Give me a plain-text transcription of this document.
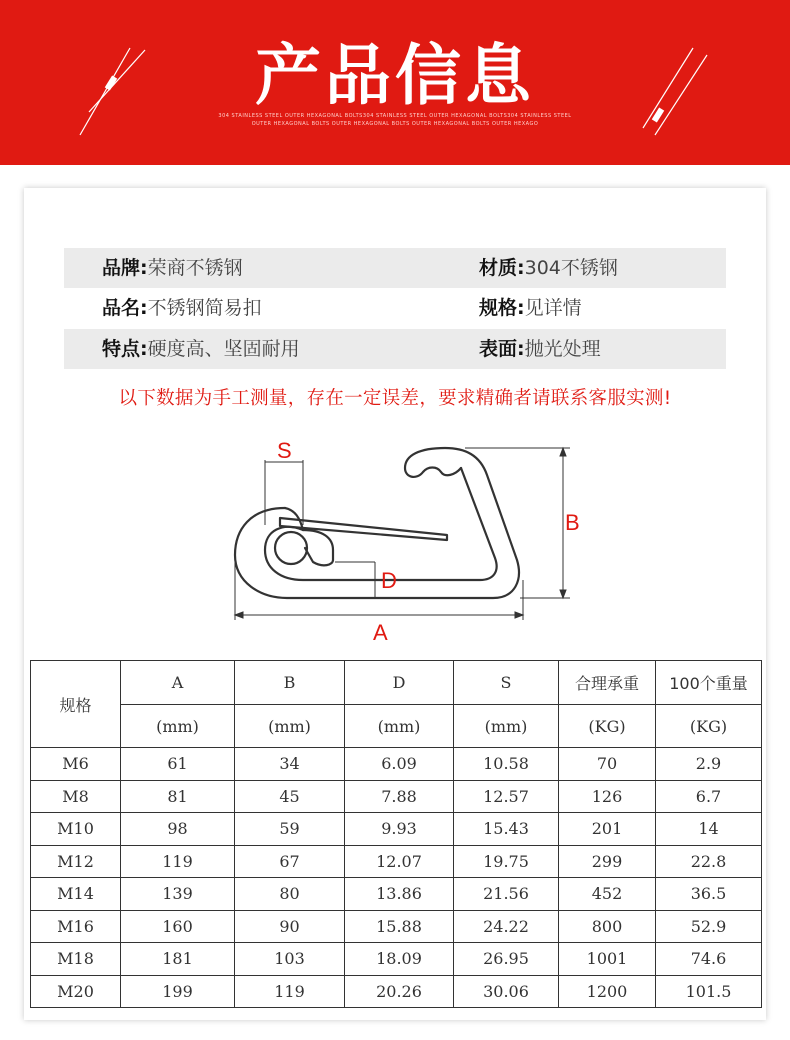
产品信息
304 STAINLESS STEEL OUTER HEXAGONAL BOLTS304 STAINLESS STEEL OUTER HEXAGONAL BOLTS304 STAINLESS STEEL OUTER HEXAGONAL BOLTS OUTER HEXAGONAL BOLTS OUTER HEXAGONAL BOLTS OUTER HEXAGO
品牌:荣商不锈钢	材质:304不锈钢
品名:不锈钢简易扣	规格:见详情
特点:硬度高、坚固耐用	表面:抛光处理
以下数据为手工测量，存在一定误差，要求精确者请联系客服实测!
S
B
D
A
规格	A	B	D	S	合理承重	100个重量
	(mm)	(mm)	(mm)	(mm)	(KG)	(KG)
M6	61	34	6.09	10.58	70	2.9
M8	81	45	7.88	12.57	126	6.7
M10	98	59	9.93	15.43	201	14
M12	119	67	12.07	19.75	299	22.8
M14	139	80	13.86	21.56	452	36.5
M16	160	90	15.88	24.22	800	52.9
M18	181	103	18.09	26.95	1001	74.6
M20	199	119	20.26	30.06	1200	101.5
